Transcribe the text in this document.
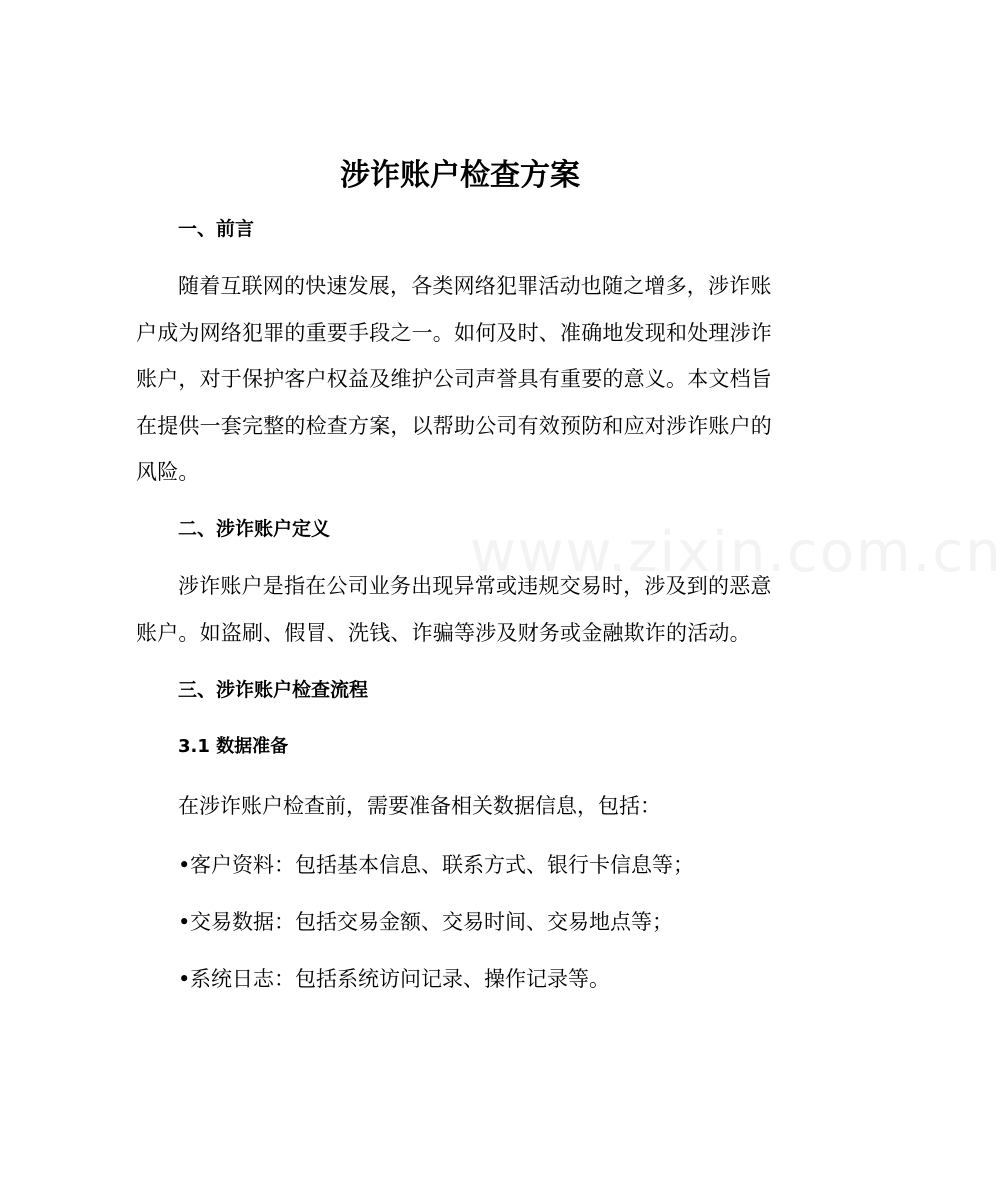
www.zixin.com.cn
涉诈账户检查方案
一、前言

随着互联网的快速发展，各类网络犯罪活动也随之增多，涉诈账户成为网络犯罪的重要手段之一。如何及时、准确地发现和处理涉诈账户，对于保护客户权益及维护公司声誉具有重要的意义。本文档旨在提供一套完整的检查方案，以帮助公司有效预防和应对涉诈账户的风险。

二、涉诈账户定义

涉诈账户是指在公司业务出现异常或违规交易时，涉及到的恶意账户。如盗刷、假冒、洗钱、诈骗等涉及财务或金融欺诈的活动。

三、涉诈账户检查流程
3.1 数据准备

在涉诈账户检查前，需要准备相关数据信息，包括：

•客户资料：包括基本信息、联系方式、银行卡信息等；

•交易数据：包括交易金额、交易时间、交易地点等；

•系统日志：包括系统访问记录、操作记录等。
